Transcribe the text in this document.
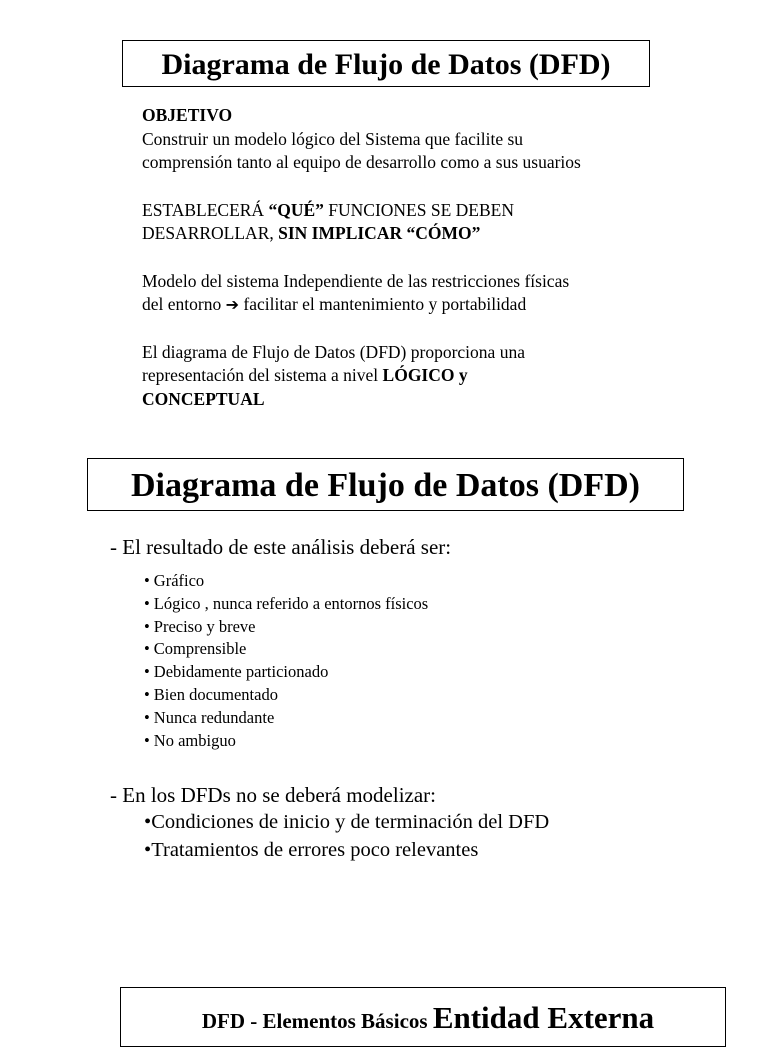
Diagrama de Flujo de Datos (DFD)
OBJETIVO
Construir un modelo lógico del Sistema que facilite su
comprensión tanto al equipo de desarrollo como a sus usuarios
ESTABLECERÁ “QUÉ” FUNCIONES SE DEBEN
DESARROLLAR, SIN IMPLICAR “CÓMO”
Modelo del sistema Independiente de las restricciones físicas
del entorno ➔ facilitar el mantenimiento y portabilidad
El diagrama de Flujo de Datos (DFD) proporciona una
representación del sistema a nivel LÓGICO y
CONCEPTUAL
Diagrama de Flujo de Datos (DFD)

- El resultado de este análisis deberá ser:

• Gráfico
• Lógico , nunca referido a entornos físicos
• Preciso y breve
• Comprensible
• Debidamente particionado
• Bien documentado
• Nunca redundante
• No ambiguo

- En los DFDs no se deberá modelizar:

• Condiciones de inicio y de terminación del DFD
• Tratamientos de errores poco relevantes
DFD - Elementos Básicos Entidad Externa
